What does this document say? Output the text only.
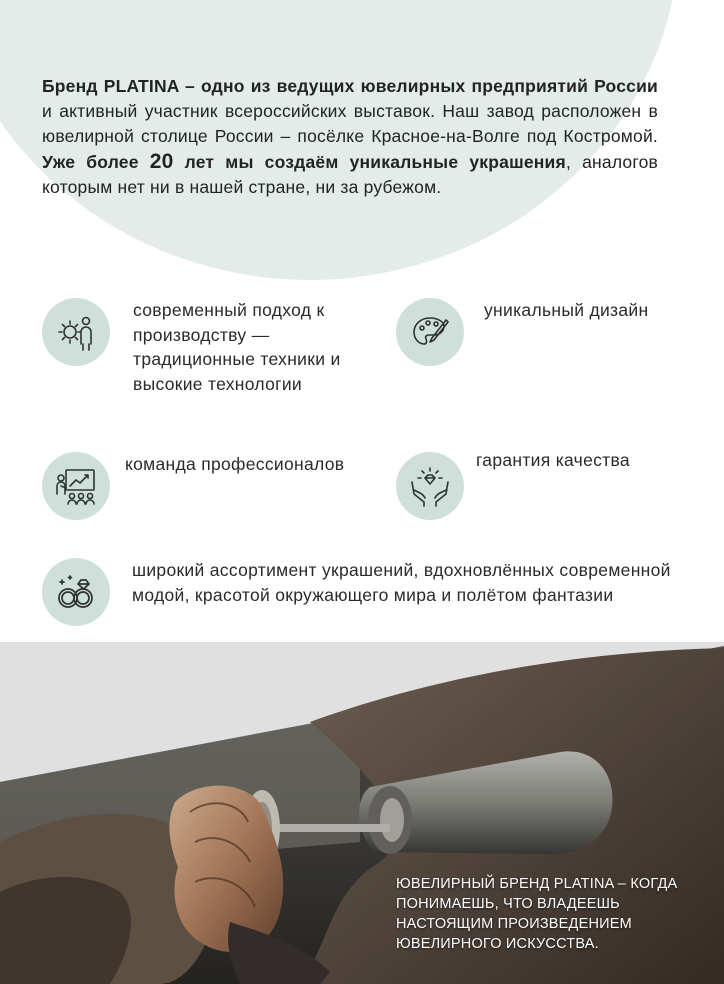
Бренд PLATINA – одно из ведущих ювелирных предприятий России и активный участник всероссийских выставок. Наш завод расположен в ювелирной столице России – посёлке Красное-на-Волге под Костромой. Уже более 20 лет мы создаём уникальные украшения, аналогов которым нет ни в нашей стране, ни за рубежом.
современный подход к производству — традиционные техники и высокие технологии
уникальный дизайн
команда профессионалов	гарантия качества
широкий ассортимент украшений, вдохновлённых современной модой, красотой окружающего мира и полётом фантазии
ЮВЕЛИРНЫЙ БРЕНД PLATINA – КОГДА ПОНИМАЕШЬ, ЧТО ВЛАДЕЕШЬ НАСТОЯЩИМ ПРОИЗВЕДЕНИЕМ ЮВЕЛИРНОГО ИСКУССТВА.
